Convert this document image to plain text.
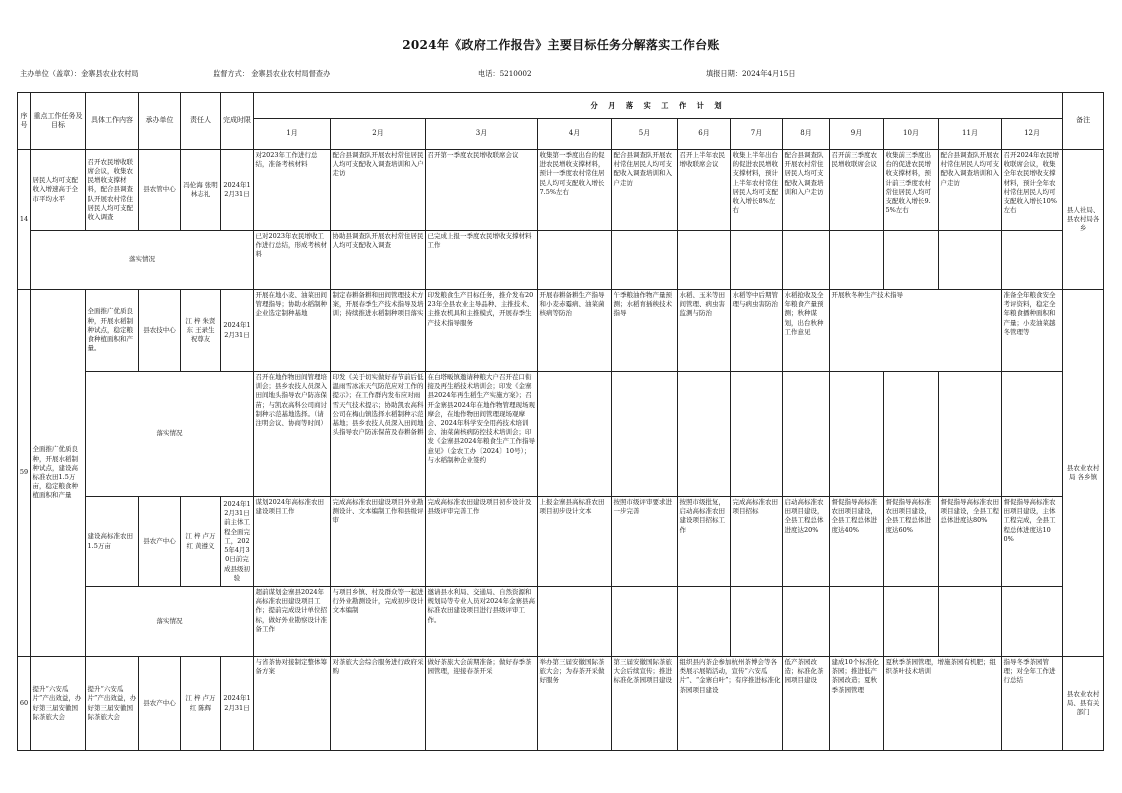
2024年《政府工作报告》主要目标任务分解落实工作台账
主办单位（盖章）：金寨县农业农村局	监督方式： 金寨县农业农村局督查办	电话：5210002	填报日期：2024年4月15日
序号	重点工作任务及目标	具体工作内容	承办单位	责任人	完成时限	分 月 落 实 工 作 计 划												备注
						1月	2月	3月	4月	5月	6月	7月	8月	9月	10月	11月	12月	
14	居民人均可支配收入增速高于全市平均水平	召开农民增收联席会议，收集农民增收支撑材料，配合县调查队开展农村常住居民人均可支配收入调查	县农管中心	冯伦海 张明 林志礼	2024年12月31日	对2023年工作进行总结，准备考核材料	配合县调查队开展农村常住居民人均可支配收入调查培训和入户走访	召开第一季度农民增收联席会议	收集第一季度出台的促进农民增收支撑材料，预计一季度农村常住居民人均可支配收入增长7.5%左右	配合县调查队开展农村常住居民人均可支配收入调查培训和入户走访	召开上半年农民增收联席会议	收集上半年出台的促进农民增收支撑材料，预计上半年农村常住居民人均可支配收入增长8%左右	配合县调查队开展农村常住居民人均可支配收入调查培训和入户走访	召开前三季度农民增收联席会议	收集前三季度出台的促进农民增收支撑材料，预计前三季度农村常住居民人均可支配收入增长9.5%左右	配合县调查队开展农村常住居民人均可支配收入调查培训和入户走访	召开2024年农民增收联席会议，收集全年农民增收支撑材料，预计全年农村常住居民人均可支配收入增长10%左右	县人社局、县农村局各乡
	落实情况					已对2023年农民增收工作进行总结，形成考核材料	协助县调查队开展农村常住居民人均可支配收入调查	已完成上报一季度农民增收支撑材料工作										
59	全面推广优质良种，开展水稻制种试点，建设高标准农田1.5万亩，稳定粮食种植面积和产量	全面推广优质良种，开展水稻制种试点，稳定粮食种植面积和产量。	县农技中心	江 梓 朱贤东 王录生 祝尊友	2024年12月31日	开展在地小麦、油菜田间管理指导；协助水稻制种企业选定制种基地	制定春耕备耕和田间管理技术方案，开展春季生产技术指导及培训；持续推进水稻制种项目落实	印发粮食生产目标任务，推介发布2023年全县农业主导品种、主推技术、主推农机具和主推模式，开展春季生产技术指导服务	开展春耕备耕生产指导和小麦赤霉病、油菜菌核病等防治	午季粮油作物产量预测；水稻育插秧技术指导	水稻、玉米等田间管理、病虫害监测与防治	水稻等中后期管理与病虫害防治	水稻抢收及全年粮食产量预测；秋种谋划，出台秋种工作意见	开展秋冬种生产技术指导			准备全年粮食安全考评资料，稳定全年粮食播种面积和产量；小麦油菜越冬管理等	县农业农村局 各乡镇
		落实情况				召开在地作物田间管理培训会；县乡农技人员深入田间地头指导农户防冻保苗；与凯农高科公司商讨制种示范基地选择。（请注明会议、协商等时间）	印发《关于切实做好春节前后低温雨雪冰冻天气防范应对工作的提示》；在工作群内发布应对雨雪天气技术提示；协助凯农高科公司在梅山镇选择水稻制种示范基地；县乡农技人员深入田间地头指导农户防冻保苗及春耕备耕	在白塔畈镇邀请种粮大户召开茬口衔接及再生稻技术培训会；印发《金寨县2024年再生稻生产实施方案》；召开金寨县2024年在地作物管理现场观摩会，在地作物田间管理现场观摩会、2024年科学安全用药技术培训会、油菜菌核病防控技术培训会；印发《金寨县2024年粮食生产工作指导意见》（金农工办〔2024〕10号）；与水稻制种企业签约										
		建设高标准农田1.5万亩	县农产中心	江 梓 卢万红 黄遵义	2024年12月31日前主体工程全面完工，2025年4月30日前完成县级初验	谋划2024年高标准农田建设项目工作	完成高标准农田建设项目外业勘测设计、文本编制工作和县级评审	完成高标准农田建设项目初步设计及县级评审完善工作	上报金寨县高标准农田项目初步设计文本	按照市级评审要求进一步完善	按照市级批复，启动高标准农田建设项目招标工作	完成高标准农田项目招标	启动高标准农田项目建设，全县工程总体进度达20%	督促指导高标准农田项目建设，全县工程总体进度达40%	督促指导高标准农田项目建设，全县工程总体进度达60%	督促指导高标准农田项目建设，全县工程总体进度达80%	督促指导高标准农田项目建设，主体工程完成，全县工程总体进度达100%	
		落实情况				超前谋划金寨县2024年高标准农田建设项目工作；提前完成设计单位招标，做好外业勘察设计准备工作	与项目乡镇、村及群众等一起进行外业勘测设计，完成初步设计文本编制	邀请县水利局、交通局、自然资源和规划局等专业人员对2024年金寨县高标准农田建设项目进行县级评审工作。										
60	提升“六安瓜片”产出效益，办好第三届安徽国际茶旅大会	提升“六安瓜片”产出效益，办好第三届安徽国际茶旅大会	县农产中心	江 梓 卢万红 陈辉	2024年12月31日	与省茶协对接制定整体筹备方案	对茶旅大会综合服务进行政府采购	做好茶旅大会前期准备；做好春季茶园管理，迎接春茶开采	举办第三届安徽国际茶旅大会；为春茶开采做好服务	第三届安徽国际茶旅大会后续宣传；推进标准化茶园项目建设	组织县内茶企参加杭州茶博会等各类展示展销活动，宣传“六安瓜片”、“金寨白叶”；有序推进标准化茶园项目建设		低产茶园改造；标准化茶园项目建设	建成10个标准化茶园；推进低产茶园改造；夏秋季茶园管理	夏秋季茶园管理，增施茶园有机肥；组织茶叶技术培训		指导冬季茶园管理；对全年工作进行总结	县农业农村局、县有关部门
